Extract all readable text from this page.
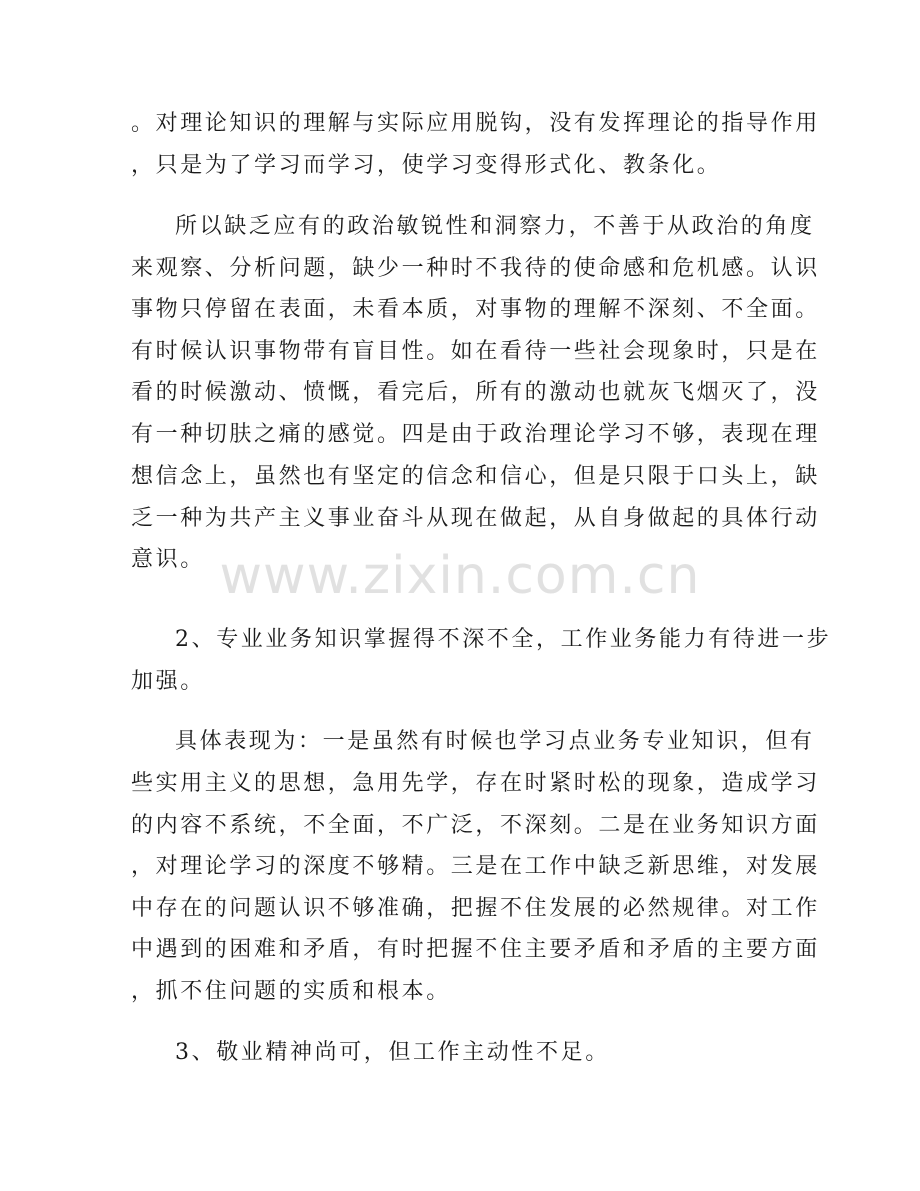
。对理论知识的理解与实际应用脱钩，没有发挥理论的指导作用
，只是为了学习而学习，使学习变得形式化、教条化。
所以缺乏应有的政治敏锐性和洞察力，不善于从政治的角度
来观察、分析问题，缺少一种时不我待的使命感和危机感。认识
事物只停留在表面，未看本质，对事物的理解不深刻、不全面。
有时候认识事物带有盲目性。如在看待一些社会现象时，只是在
看的时候激动、愤慨，看完后，所有的激动也就灰飞烟灭了，没
有一种切肤之痛的感觉。四是由于政治理论学习不够，表现在理
想信念上，虽然也有坚定的信念和信心，但是只限于口头上，缺
乏一种为共产主义事业奋斗从现在做起，从自身做起的具体行动
意识。
2、专业业务知识掌握得不深不全，工作业务能力有待进一步
加强。
具体表现为：一是虽然有时候也学习点业务专业知识，但有
些实用主义的思想，急用先学，存在时紧时松的现象，造成学习
的内容不系统，不全面，不广泛，不深刻。二是在业务知识方面
，对理论学习的深度不够精。三是在工作中缺乏新思维，对发展
中存在的问题认识不够准确，把握不住发展的必然规律。对工作
中遇到的困难和矛盾，有时把握不住主要矛盾和矛盾的主要方面
，抓不住问题的实质和根本。
3、敬业精神尚可，但工作主动性不足。
www.zixin.com.cn
